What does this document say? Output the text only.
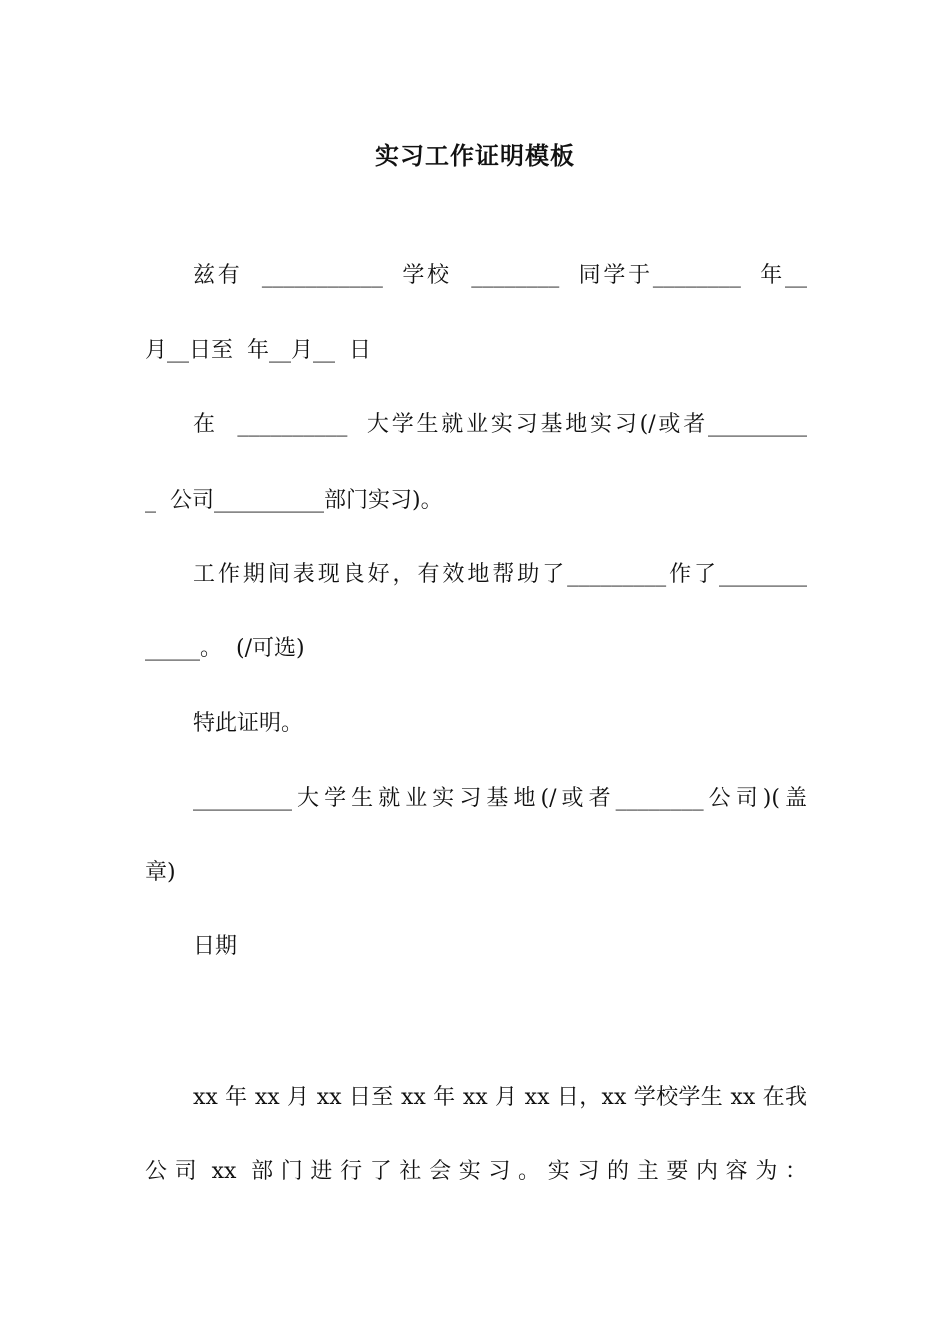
实习工作证明模板
兹有  ___________  学校  ________  同学于________  年__
月__日至  年__月__  日
在  __________  大学生就业实习基地实习(/或者_________
_  公司__________部门实习)。
工作期间表现良好，有效地帮助了_________作了________
_____。  (/可选)
特此证明。
_________大学生就业实习基地(/或者________公司)(盖
章)
日期
xx 年 xx 月 xx 日至 xx 年 xx 月 xx 日，xx 学校学生 xx 在我
公 司  xx  部 门 进 行 了 社 会 实 习 。 实 习 的 主 要 内 容 为 ：
